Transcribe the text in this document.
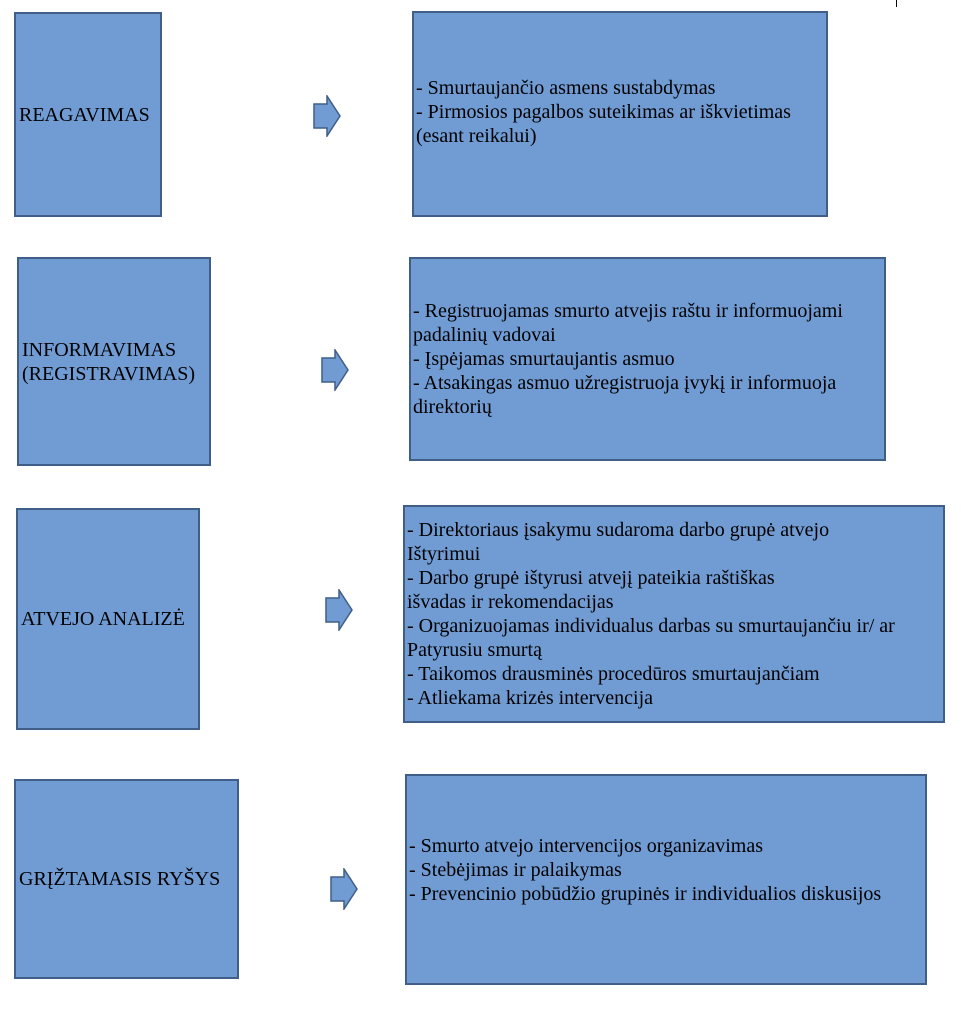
REAGAVIMAS
- Smurtaujančio asmens sustabdymas
- Pirmosios pagalbos suteikimas ar iškvietimas
(esant reikalui)
INFORMAVIMAS
(REGISTRAVIMAS)
- Registruojamas smurto atvejis raštu ir informuojami
padalinių vadovai
- Įspėjamas smurtaujantis asmuo
- Atsakingas asmuo užregistruoja įvykį ir informuoja
direktorių
ATVEJO ANALIZĖ
- Direktoriaus įsakymu sudaroma darbo grupė atvejo
Ištyrimui
- Darbo grupė ištyrusi atvejį pateikia raštiškas
išvadas ir rekomendacijas
- Organizuojamas individualus darbas su smurtaujančiu ir/ ar
Patyrusiu smurtą
- Taikomos drausminės procedūros smurtaujančiam
- Atliekama krizės intervencija
GRĮŽTAMASIS RYŠYS
- Smurto atvejo intervencijos organizavimas
- Stebėjimas ir palaikymas
- Prevencinio pobūdžio grupinės ir individualios diskusijos
